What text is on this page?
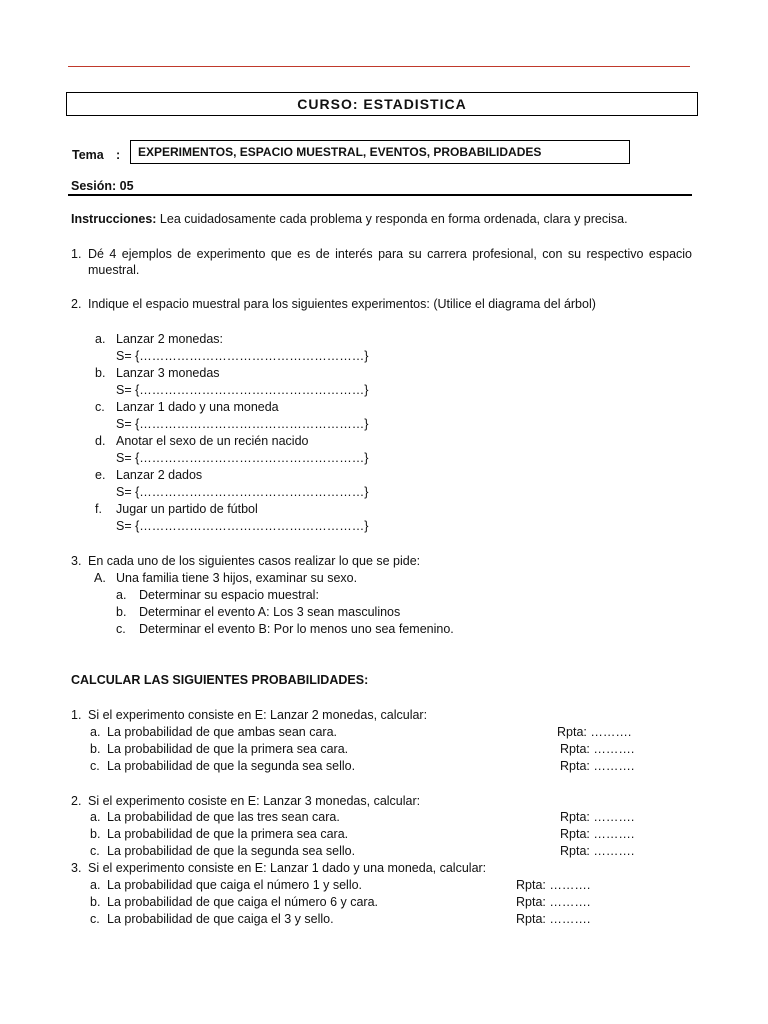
CURSO: ESTADISTICA
Tema : EXPERIMENTOS, ESPACIO MUESTRAL, EVENTOS, PROBABILIDADES
Sesión: 05
Instrucciones: Lea cuidadosamente cada problema y responda en forma ordenada, clara y precisa.
1. Dé 4 ejemplos de experimento que es de interés para su carrera profesional, con su respectivo espacio
muestral.
2. Indique el espacio muestral para los siguientes experimentos: (Utilice el diagrama del árbol)
a. Lanzar 2 monedas:
S= {………………………………………………}
b. Lanzar 3 monedas
S= {………………………………………………}
c. Lanzar 1 dado y una moneda
S= {………………………………………………}
d. Anotar el sexo de un recién nacido
S= {………………………………………………}
e. Lanzar 2 dados
S= {………………………………………………}
f. Jugar un partido de fútbol
S= {………………………………………………}
3. En cada uno de los siguientes casos realizar lo que se pide:
A. Una familia tiene 3 hijos, examinar su sexo.
a. Determinar su espacio muestral:
b. Determinar el evento A: Los 3 sean masculinos
c. Determinar el evento B: Por lo menos uno sea femenino.
CALCULAR LAS SIGUIENTES PROBABILIDADES:
1. Si el experimento consiste en E: Lanzar 2 monedas, calcular:
a. La probabilidad de que ambas sean cara.	Rpta: ……….
b. La probabilidad de que la primera sea cara.	Rpta: ……….
c. La probabilidad de que la segunda sea sello.	Rpta: ……….
2. Si el experimento cosiste en E: Lanzar 3 monedas, calcular:
a. La probabilidad de que las tres sean cara.	Rpta: ……….
b. La probabilidad de que la primera sea cara.	Rpta: ……….
c. La probabilidad de que la segunda sea sello.	Rpta: ……….
3. Si el experimento consiste en E: Lanzar 1 dado y una moneda, calcular:
a. La probabilidad que caiga el número 1 y sello.	Rpta: ……….
b. La probabilidad de que caiga el número 6 y cara.	Rpta: ……….
c. La probabilidad de que caiga el 3 y sello.	Rpta: ……….
